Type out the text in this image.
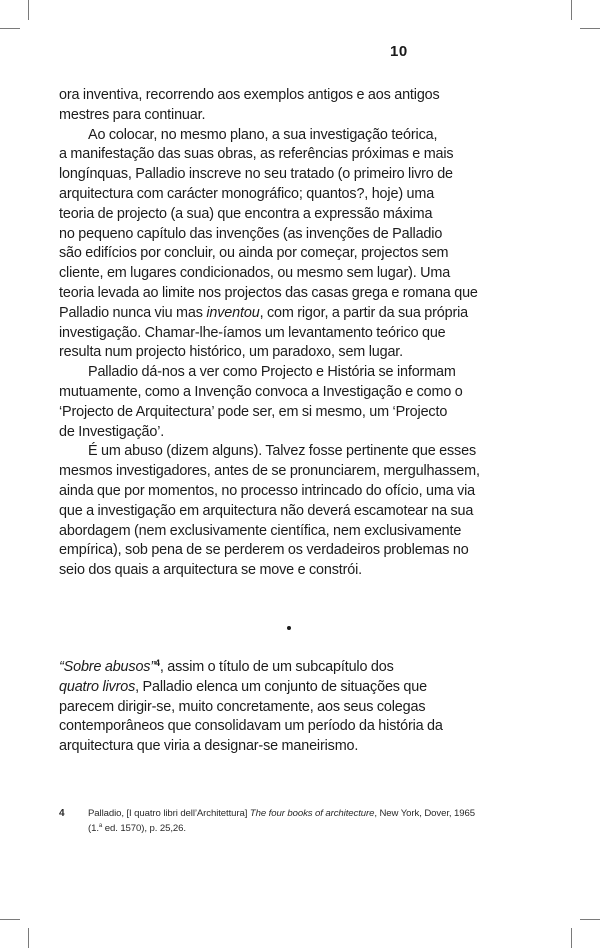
10

ora inventiva, recorrendo aos exemplos antigos e aos antigos
mestres para continuar.

Ao colocar, no mesmo plano, a sua investigação teórica,
a manifestação das suas obras, as referências próximas e mais
longínquas, Palladio inscreve no seu tratado (o primeiro livro de
arquitectura com carácter monográfico; quantos?, hoje) uma
teoria de projecto (a sua) que encontra a expressão máxima
no pequeno capítulo das invenções (as invenções de Palladio
são edifícios por concluir, ou ainda por começar, projectos sem
cliente, em lugares condicionados, ou mesmo sem lugar). Uma
teoria levada ao limite nos projectos das casas grega e romana que
Palladio nunca viu mas inventou, com rigor, a partir da sua própria
investigação. Chamar-lhe-íamos um levantamento teórico que
resulta num projecto histórico, um paradoxo, sem lugar.

Palladio dá-nos a ver como Projecto e História se informam
mutuamente, como a Invenção convoca a Investigação e como o
‘Projecto de Arquitectura’ pode ser, em si mesmo, um ‘Projecto
de Investigação’.

É um abuso (dizem alguns). Talvez fosse pertinente que esses
mesmos investigadores, antes de se pronunciarem, mergulhassem,
ainda que por momentos, no processo intrincado do ofício, uma via
que a investigação em arquitectura não deverá escamotear na sua
abordagem (nem exclusivamente científica, nem exclusivamente
empírica), sob pena de se perderem os verdadeiros problemas no
seio dos quais a arquitectura se move e constrói.

“Sobre abusos”$^4$, assim o título de um subcapítulo dos
quatro livros, Palladio elenca um conjunto de situações que
parecem dirigir-se, muito concretamente, aos seus colegas
contemporâneos que consolidavam um período da história da
arquitectura que viria a designar-se maneirismo.
4 Palladio, [I quatro libri dell’Architettura] The four books of architecture, New York, Dover, 1965
(1.$^a$ ed. 1570), p. 25,26.
